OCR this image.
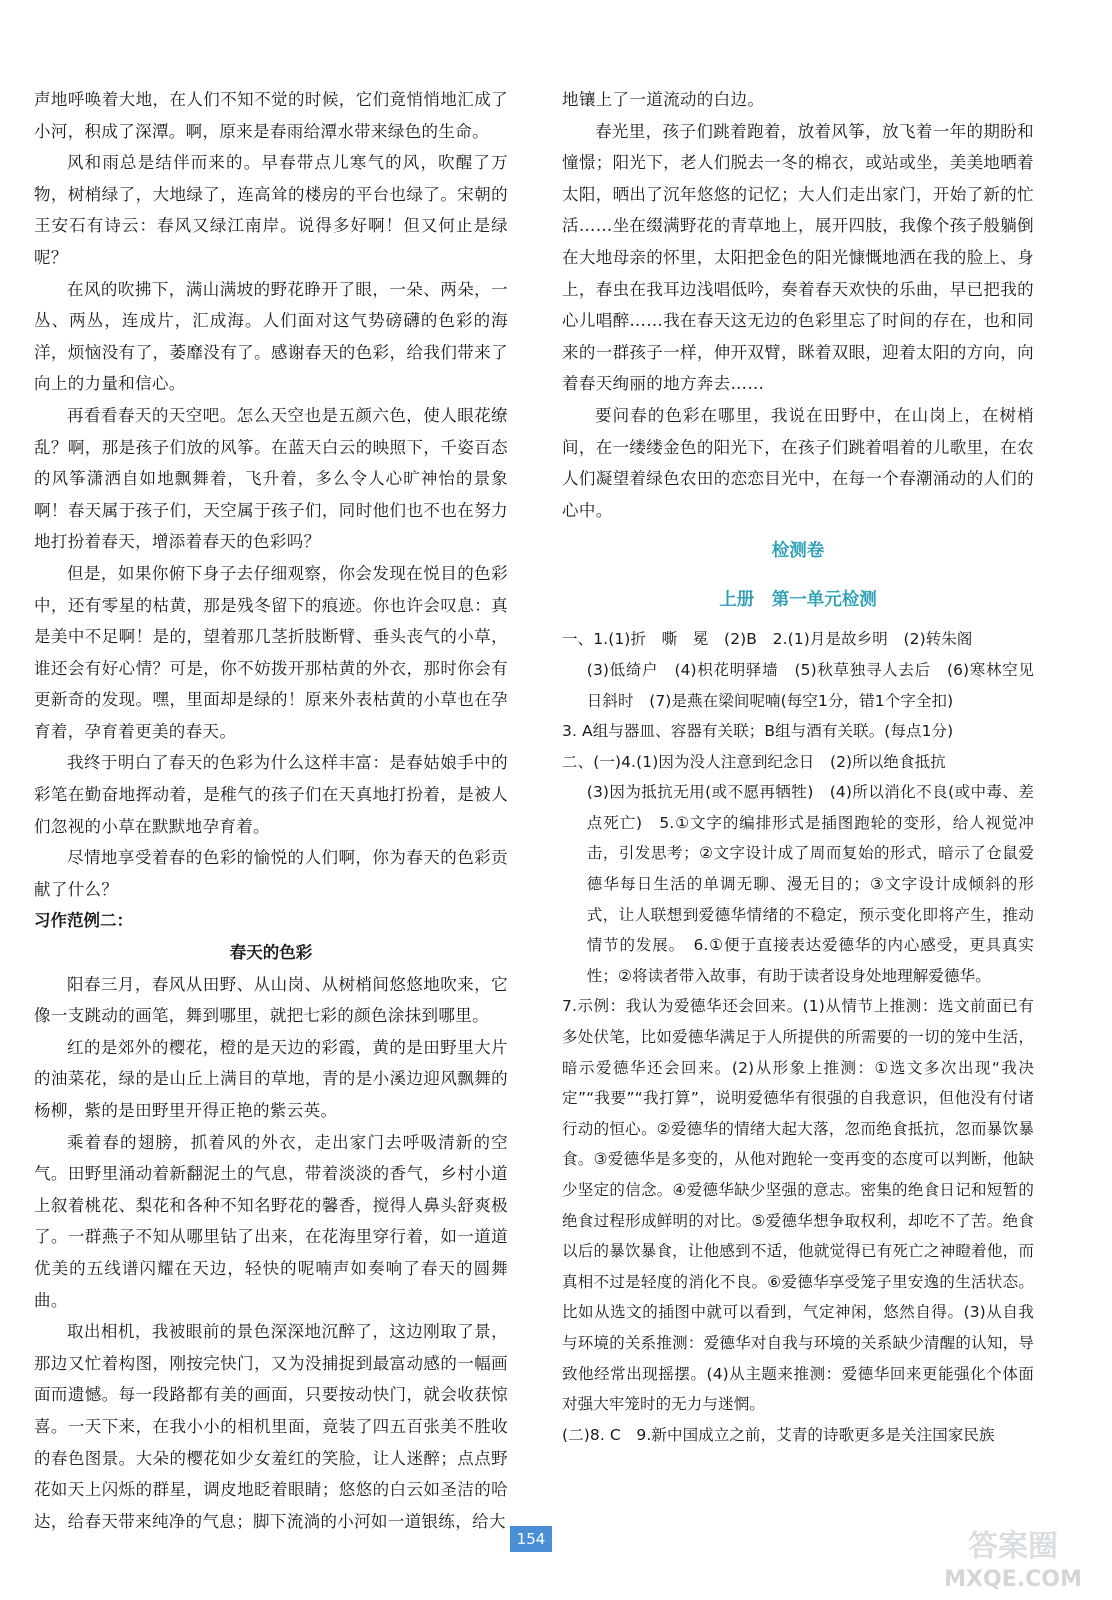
声地呼唤着大地，在人们不知不觉的时候，它们竟悄悄地汇成了小河，积成了深潭。啊，原来是春雨给潭水带来绿色的生命。

风和雨总是结伴而来的。早春带点儿寒气的风，吹醒了万物，树梢绿了，大地绿了，连高耸的楼房的平台也绿了。宋朝的王安石有诗云：春风又绿江南岸。说得多好啊！但又何止是绿呢？

在风的吹拂下，满山满坡的野花睁开了眼，一朵、两朵，一丛、两丛，连成片，汇成海。人们面对这气势磅礴的色彩的海洋，烦恼没有了，萎靡没有了。感谢春天的色彩，给我们带来了向上的力量和信心。

再看看春天的天空吧。怎么天空也是五颜六色，使人眼花缭乱？啊，那是孩子们放的风筝。在蓝天白云的映照下，千姿百态的风筝潇洒自如地飘舞着，飞升着，多么令人心旷神怡的景象啊！春天属于孩子们，天空属于孩子们，同时他们也不也在努力地打扮着春天，增添着春天的色彩吗？

但是，如果你俯下身子去仔细观察，你会发现在悦目的色彩中，还有零星的枯黄，那是残冬留下的痕迹。你也许会叹息：真是美中不足啊！是的，望着那几茎折肢断臂、垂头丧气的小草，谁还会有好心情？可是，你不妨拨开那枯黄的外衣，那时你会有更新奇的发现。嘿，里面却是绿的！原来外表枯黄的小草也在孕育着，孕育着更美的春天。

我终于明白了春天的色彩为什么这样丰富：是春姑娘手中的彩笔在勤奋地挥动着，是稚气的孩子们在天真地打扮着，是被人们忽视的小草在默默地孕育着。

尽情地享受着春的色彩的愉悦的人们啊，你为春天的色彩贡献了什么？

习作范例二：

春天的色彩

阳春三月，春风从田野、从山岗、从树梢间悠悠地吹来，它像一支跳动的画笔，舞到哪里，就把七彩的颜色涂抹到哪里。

红的是郊外的樱花，橙的是天边的彩霞，黄的是田野里大片的油菜花，绿的是山丘上满目的草地，青的是小溪边迎风飘舞的杨柳，紫的是田野里开得正艳的紫云英。

乘着春的翅膀，抓着风的外衣，走出家门去呼吸清新的空气。田野里涌动着新翻泥土的气息，带着淡淡的香气，乡村小道上叙着桃花、梨花和各种不知名野花的馨香，搅得人鼻头舒爽极了。一群燕子不知从哪里钻了出来，在花海里穿行着，如一道道优美的五线谱闪耀在天边，轻快的呢喃声如奏响了春天的圆舞曲。

取出相机，我被眼前的景色深深地沉醉了，这边刚取了景，那边又忙着构图，刚按完快门，又为没捕捉到最富动感的一幅画面而遗憾。每一段路都有美的画面，只要按动快门，就会收获惊喜。一天下来，在我小小的相机里面，竟装了四五百张美不胜收的春色图景。大朵的樱花如少女羞红的笑脸，让人迷醉；点点野花如天上闪烁的群星，调皮地眨着眼睛；悠悠的白云如圣洁的哈达，给春天带来纯净的气息；脚下流淌的小河如一道银练，给大

地镶上了一道流动的白边。

春光里，孩子们跳着跑着，放着风筝，放飞着一年的期盼和憧憬；阳光下，老人们脱去一冬的棉衣，或站或坐，美美地晒着太阳，晒出了沉年悠悠的记忆；大人们走出家门，开始了新的忙活……坐在缀满野花的青草地上，展开四肢，我像个孩子般躺倒在大地母亲的怀里，太阳把金色的阳光慷慨地洒在我的脸上、身上，春虫在我耳边浅唱低吟，奏着春天欢快的乐曲，早已把我的心儿唱醉……我在春天这无边的色彩里忘了时间的存在，也和同来的一群孩子一样，伸开双臂，眯着双眼，迎着太阳的方向，向着春天绚丽的地方奔去……

要问春的色彩在哪里，我说在田野中，在山岗上，在树梢间，在一缕缕金色的阳光下，在孩子们跳着唱着的儿歌里，在农人们凝望着绿色农田的恋恋目光中，在每一个春潮涌动的人们的心中。

检测卷

上册　第一单元检测

一、1.(1)折　嘶　冕　(2)B　2.(1)月是故乡明　(2)转朱阁

(3)低绮户　(4)枳花明驿墙　(5)秋草独寻人去后　(6)寒林空见日斜时　(7)是燕在梁间呢喃(每空1分，错1个字全扣)

3. A组与器皿、容器有关联；B组与酒有关联。(每点1分)

二、(一)4.(1)因为没人注意到纪念日　(2)所以绝食抵抗

(3)因为抵抗无用(或不愿再牺牲)　(4)所以消化不良(或中毒、差点死亡)　5.①文字的编排形式是插图跑轮的变形，给人视觉冲击，引发思考；②文字设计成了周而复始的形式，暗示了仓鼠爱德华每日生活的单调无聊、漫无目的；③文字设计成倾斜的形式，让人联想到爱德华情绪的不稳定，预示变化即将产生，推动情节的发展。　6.①便于直接表达爱德华的内心感受，更具真实性；②将读者带入故事，有助于读者设身处地理解爱德华。

7.示例：我认为爱德华还会回来。(1)从情节上推测：选文前面已有多处伏笔，比如爱德华满足于人所提供的所需要的一切的笼中生活，暗示爱德华还会回来。(2)从形象上推测：①选文多次出现“我决定”“我要”“我打算”，说明爱德华有很强的自我意识，但他没有付诸行动的恒心。②爱德华的情绪大起大落，忽而绝食抵抗，忽而暴饮暴食。③爱德华是多变的，从他对跑轮一变再变的态度可以判断，他缺少坚定的信念。④爱德华缺少坚强的意志。密集的绝食日记和短暂的绝食过程形成鲜明的对比。⑤爱德华想争取权利，却吃不了苦。绝食以后的暴饮暴食，让他感到不适，他就觉得已有死亡之神瞪着他，而真相不过是轻度的消化不良。⑥爱德华享受笼子里安逸的生活状态。比如从选文的插图中就可以看到，气定神闲，悠然自得。(3)从自我与环境的关系推测：爱德华对自我与环境的关系缺少清醒的认知，导致他经常出现摇摆。(4)从主题来推测：爱德华回来更能强化个体面对强大牢笼时的无力与迷惘。

(二)8. C　9.新中国成立之前，艾青的诗歌更多是关注国家民族

154	答案圈
MXQE.COM
